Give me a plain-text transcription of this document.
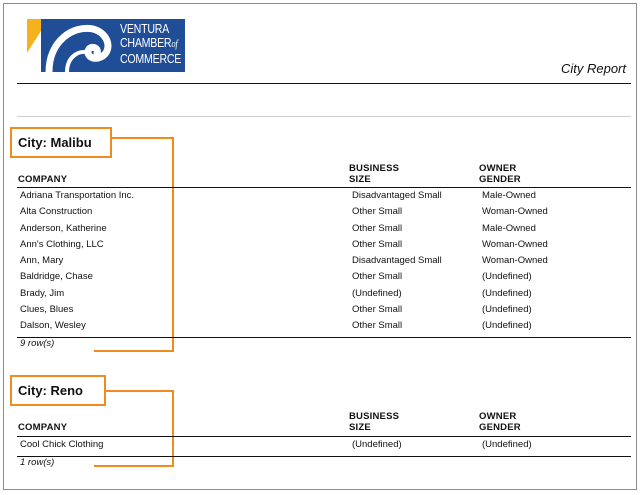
VENTURA
CHAMBERof
COMMERCE
City Report
City: Malibu
COMPANY
BUSINESS
SIZE
OWNER
GENDER
Adriana Transportation Inc.	Disadvantaged Small	Male-Owned
Alta Construction	Other Small	Woman-Owned
Anderson, Katherine	Other Small	Male-Owned
Ann's Clothing, LLC	Other Small	Woman-Owned
Ann, Mary	Disadvantaged Small	Woman-Owned
Baldridge, Chase	Other Small	(Undefined)
Brady, Jim	(Undefined)	(Undefined)
Clues, Blues	Other Small	(Undefined)
Dalson, Wesley	Other Small	(Undefined)
9 row(s)
City: Reno
COMPANY
BUSINESS
SIZE
OWNER
GENDER
Cool Chick Clothing	(Undefined)	(Undefined)
1 row(s)
